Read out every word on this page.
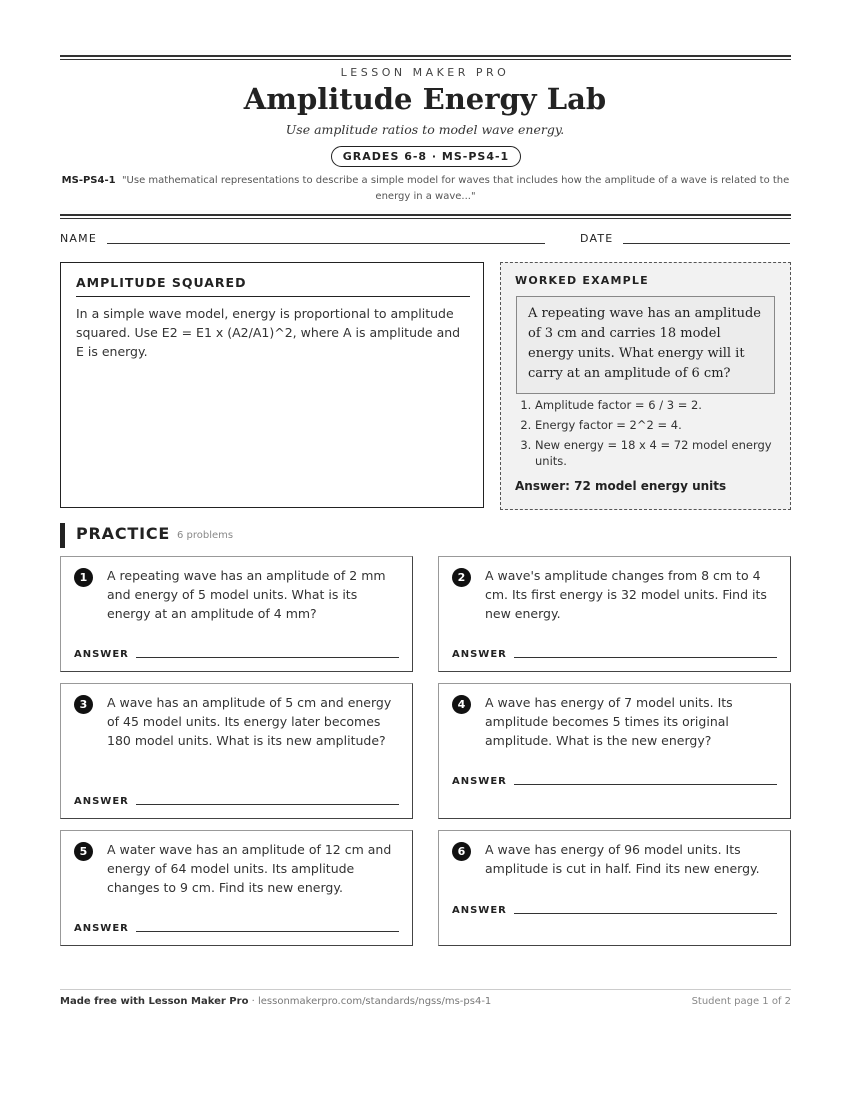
LESSON MAKER PRO
Amplitude Energy Lab
Use amplitude ratios to model wave energy.
GRADES 6-8 · MS-PS4-1
MS-PS4-1 "Use mathematical representations to describe a simple model for waves that includes how the amplitude of a wave is related to the energy in a wave..."
NAME	DATE
AMPLITUDE SQUARED
In a simple wave model, energy is proportional to amplitude squared. Use E2 = E1 x (A2/A1)^2, where A is amplitude and E is energy.
WORKED EXAMPLE
A repeating wave has an amplitude of 3 cm and carries 18 model energy units. What energy will it carry at an amplitude of 6 cm?
1. Amplitude factor = 6 / 3 = 2.
2. Energy factor = 2^2 = 4.
3. New energy = 18 x 4 = 72 model energy units.
Answer: 72 model energy units
PRACTICE 6 problems
1	A repeating wave has an amplitude of 2 mm and energy of 5 model units. What is its energy at an amplitude of 4 mm?
ANSWER
2	A wave's amplitude changes from 8 cm to 4 cm. Its first energy is 32 model units. Find its new energy.
ANSWER
3	A wave has an amplitude of 5 cm and energy of 45 model units. Its energy later becomes 180 model units. What is its new amplitude?
ANSWER
4	A wave has energy of 7 model units. Its amplitude becomes 5 times its original amplitude. What is the new energy?
ANSWER
5	A water wave has an amplitude of 12 cm and energy of 64 model units. Its amplitude changes to 9 cm. Find its new energy.
ANSWER
6	A wave has energy of 96 model units. Its amplitude is cut in half. Find its new energy.
ANSWER
Made free with Lesson Maker Pro · lessonmakerpro.com/standards/ngss/ms-ps4-1	Student page 1 of 2
